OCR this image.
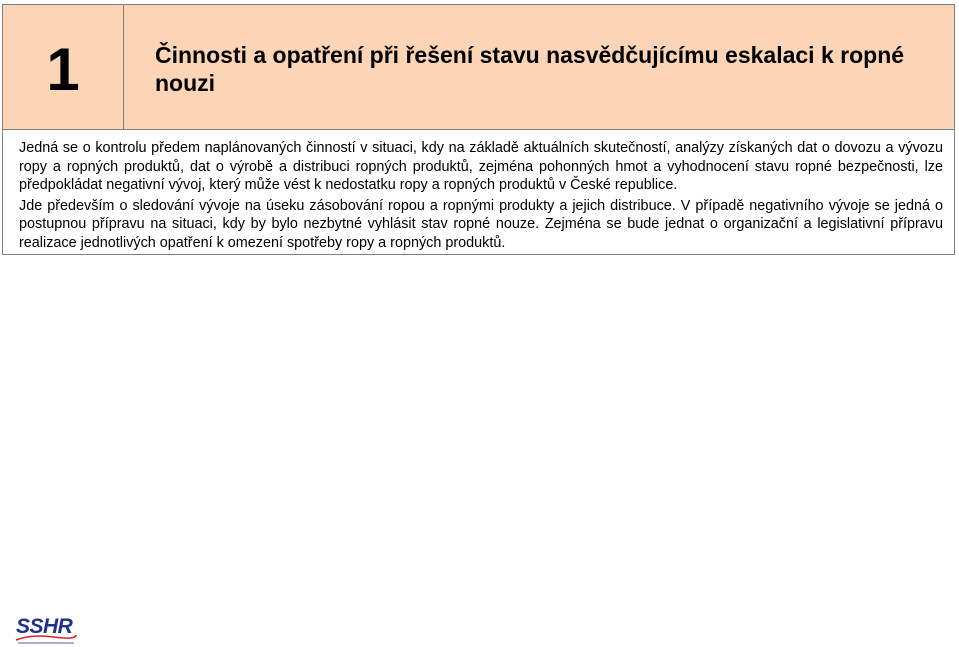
1	Činnosti a opatření při řešení stavu nasvědčujícímu eskalaci k ropné nouzi

Jedná se o kontrolu předem naplánovaných činností v situaci, kdy na základě aktuálních skutečností, analýzy získaných dat o dovozu a vývozu ropy a ropných produktů, dat o výrobě a distribuci ropných produktů, zejména pohonných hmot a vyhodnocení stavu ropné bezpečnosti, lze předpokládat negativní vývoj, který může vést k nedostatku ropy a ropných produktů v České republice.

Jde především o sledování vývoje na úseku zásobování ropou a ropnými produkty a jejich distribuce. V případě negativního vývoje se jedná o postupnou přípravu na situaci, kdy by bylo nezbytné vyhlásit stav ropné nouze. Zejména se bude jednat o organizační a legislativní přípravu realizace jednotlivých opatření k omezení spotřeby ropy a ropných produktů.

SSHR
